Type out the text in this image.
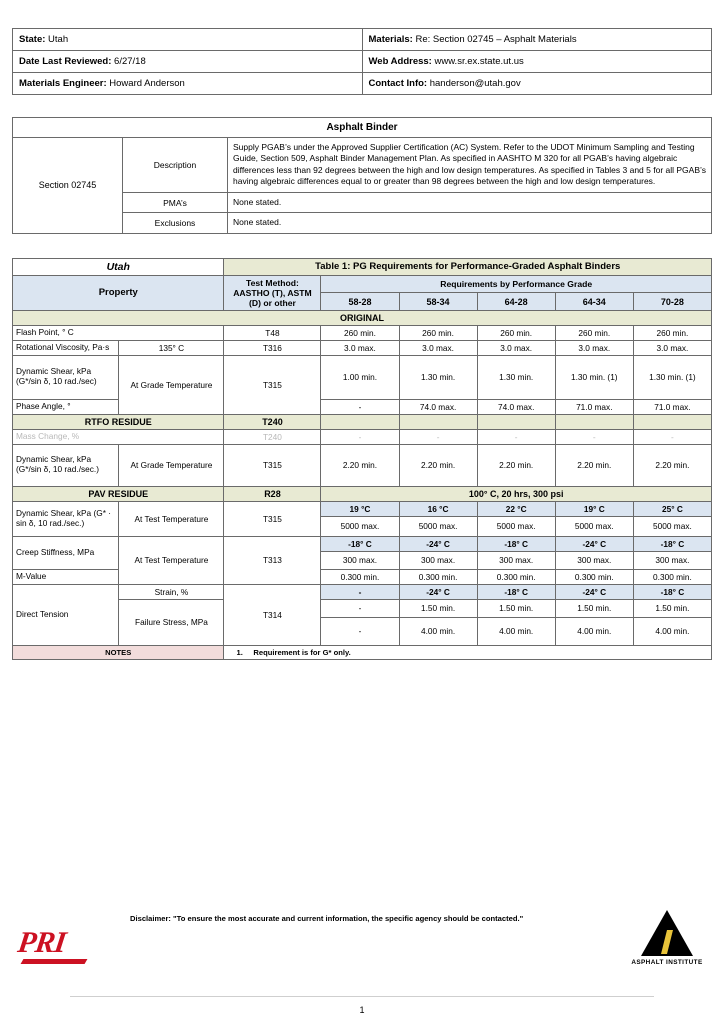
State: Utah	Materials: Re: Section 02745 – Asphalt Materials
Date Last Reviewed: 6/27/18	Web Address: www.sr.ex.state.ut.us
Materials Engineer: Howard Anderson	Contact Info: handerson@utah.gov
Asphalt Binder		
Section 02745	Description	Supply PGAB’s under the Approved Supplier Certification (AC) System. Refer to the UDOT Minimum Sampling and Testing Guide, Section 509, Asphalt Binder Management Plan. As specified in AASHTO M 320 for all PGAB’s having algebraic differences less than 92 degrees between the high and low design temperatures. As specified in Tables 3 and 5 for all PGAB’s having algebraic differences equal to or greater than 98 degrees between the high and low design temperatures.
	PMA’s	None stated.
	Exclusions	None stated.
Utah		Table 1: PG Requirements for Performance-Graded Asphalt Binders					
Property		Test Method: AASTHO (T), ASTM (D) or other	Requirements by Performance Grade				
			58-28	58-34	64-28	64-34	70-28
ORIGINAL							
Flash Point, ° C		T48	260 min.	260 min.	260 min.	260 min.	260 min.
Rotational Viscosity, Pa·s	135° C	T316	3.0 max.	3.0 max.	3.0 max.	3.0 max.	3.0 max.
Dynamic Shear, kPa (G*/sin δ, 10 rad./sec)	At Grade Temperature	T315	1.00 min.	1.30 min.	1.30 min.	1.30 min. (1)	1.30 min. (1)
Phase Angle, °			-	74.0 max.	74.0 max.	71.0 max.	71.0 max.
RTFO RESIDUE		T240					
Mass Change, %		T240	-	-	-	-	-
Dynamic Shear, kPa (G*/sin δ, 10 rad./sec.)	At Grade Temperature	T315	2.20 min.	2.20 min.	2.20 min.	2.20 min.	2.20 min.
PAV RESIDUE		R28	100° C, 20 hrs, 300 psi				
Dynamic Shear, kPa (G* · sin δ, 10 rad./sec.)	At Test Temperature	T315	19 °C	16 °C	22 °C	19° C	25° C
			5000 max.	5000 max.	5000 max.	5000 max.	5000 max.
Creep Stiffness, MPa	At Test Temperature	T313	-18° C	-24° C	-18° C	-24° C	-18° C
			300 max.	300 max.	300 max.	300 max.	300 max.
M-Value			0.300 min.	0.300 min.	0.300 min.	0.300 min.	0.300 min.
Direct Tension	Strain, %	T314	-	-24° C	-18° C	-24° C	-18° C
	Failure Stress, MPa		-	1.50 min.	1.50 min.	1.50 min.	1.50 min.
			-	4.00 min.	4.00 min.	4.00 min.	4.00 min.
NOTES		1. Requirement is for G* only.					
Disclaimer: "To ensure the most accurate and current information, the specific agency should be contacted."
PRI
ASPHALT INSTITUTE
1
